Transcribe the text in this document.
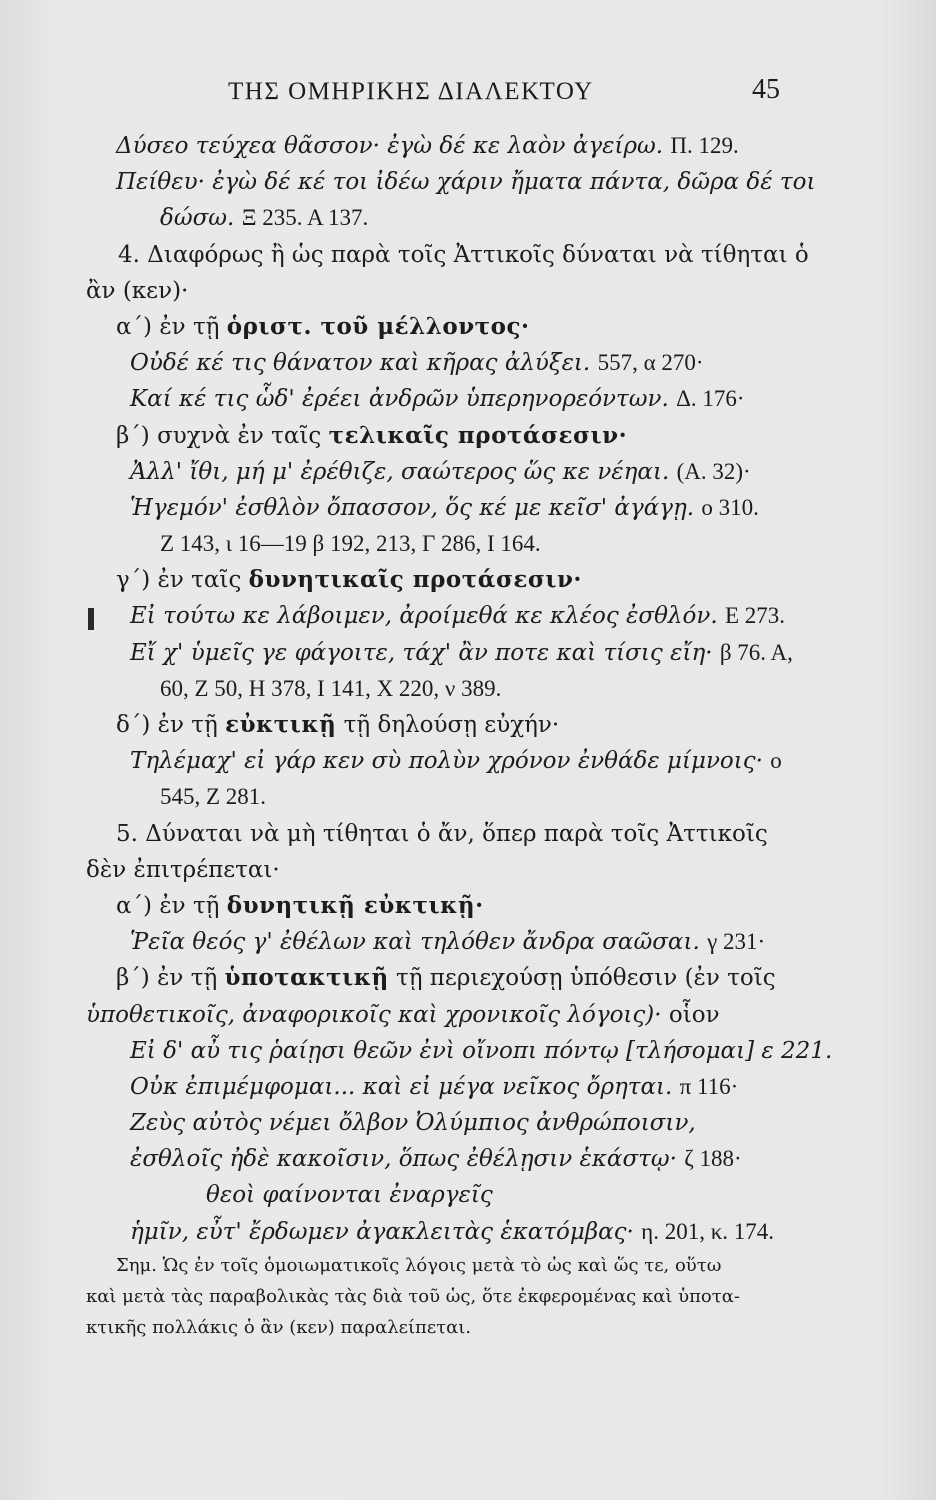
ΤΗΣ ΟΜΗΡΙΚΗΣ ΔΙΑΛΕΚΤΟΥ	45
Δύσεο τεύχεα θᾶσσον· ἐγὼ δέ κε λαὸν ἀγείρω. Π. 129.
Πείθευ· ἐγὼ δέ κέ τοι ἰδέω χάριν ἤματα πάντα, δῶρα δέ τοι
δώσω. Ξ 235. Α 137.
4. Διαφόρως ἢ ὡς παρὰ τοῖς Ἀττικοῖς δύναται νὰ τίθηται ὁ
ἂν (κεν)·
α΄) ἐν τῇ ὁριστ. τοῦ μέλλοντος·
Οὐδέ κέ τις θάνατον καὶ κῆρας ἀλύξει. 557, α 270·
Καί κέ τις ὧδ' ἐρέει ἀνδρῶν ὑπερηνορεόντων. Δ. 176·
β΄) συχνὰ ἐν ταῖς τελικαῖς προτάσεσιν·
Ἀλλ' ἴθι, μή μ' ἐρέθιζε, σαώτερος ὥς κε νέηαι. (Α. 32)·
Ἡγεμόν' ἐσθλὸν ὄπασσον, ὅς κέ με κεῖσ' ἀγάγῃ. ο 310.
Ζ 143, ι 16—19 β 192, 213, Γ 286, Ι 164.
γ΄) ἐν ταῖς δυνητικαῖς προτάσεσιν·
Εἰ τούτω κε λάβοιμεν, ἀροίμεθά κε κλέος ἐσθλόν. Ε 273.
Εἴ χ' ὑμεῖς γε φάγοιτε, τάχ' ἂν ποτε καὶ τίσις εἴη· β 76. Α,
60, Ζ 50, Η 378, Ι 141, Χ 220, ν 389.
δ΄) ἐν τῇ εὐκτικῇ τῇ δηλούσῃ εὐχήν·
Τηλέμαχ' εἰ γάρ κεν σὺ πολὺν χρόνον ἐνθάδε μίμνοις· ο
545, Ζ 281.
5. Δύναται νὰ μὴ τίθηται ὁ ἄν, ὅπερ παρὰ τοῖς Ἀττικοῖς
δὲν ἐπιτρέπεται·
α΄) ἐν τῇ δυνητικῇ εὐκτικῇ·
Ῥεῖα θεός γ' ἐθέλων καὶ τηλόθεν ἄνδρα σαῶσαι. γ 231·
β΄) ἐν τῇ ὑποτακτικῇ τῇ περιεχούσῃ ὑπόθεσιν (ἐν τοῖς
ὑποθετικοῖς, ἀναφορικοῖς καὶ χρονικοῖς λόγοις)· οἷον
Εἰ δ' αὖ τις ῥαίῃσι θεῶν ἐνὶ οἴνοπι πόντῳ [τλήσομαι] ε 221.
Οὐκ ἐπιμέμφομαι... καὶ εἰ μέγα νεῖκος ὄρηται. π 116·
Ζεὺς αὐτὸς νέμει ὄλβον Ὀλύμπιος ἀνθρώποισιν,
ἐσθλοῖς ἠδὲ κακοῖσιν, ὅπως ἐθέλῃσιν ἑκάστῳ· ζ 188·
θεοὶ φαίνονται ἐναργεῖς
ἡμῖν, εὖτ' ἔρδωμεν ἀγακλειτὰς ἑκατόμβας· η. 201, κ. 174.
Σημ. Ὡς ἐν τοῖς ὁμοιωματικοῖς λόγοις μετὰ τὸ ὡς καὶ ὥς τε, οὕτω
καὶ μετὰ τὰς παραβολικὰς τὰς διὰ τοῦ ὡς, ὅτε ἐκφερομένας καὶ ὑποτα-
κτικῆς πολλάκις ὁ ἂν (κεν) παραλείπεται.
